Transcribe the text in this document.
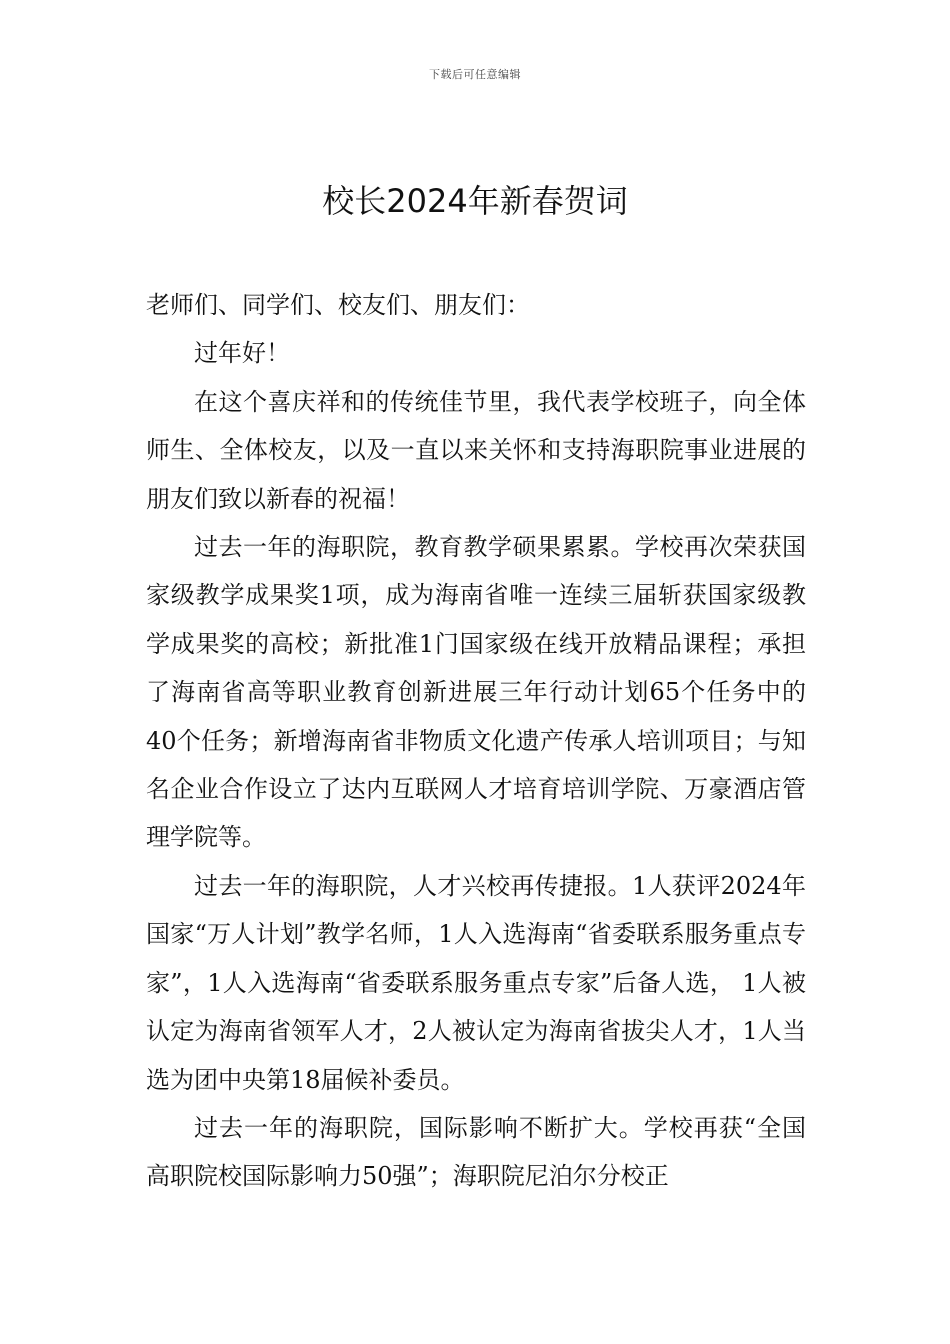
下载后可任意编辑
校长2024年新春贺词

老师们、同学们、校友们、朋友们：

过年好！

在这个喜庆祥和的传统佳节里，我代表学校班子，向全体师生、全体校友，以及一直以来关怀和支持海职院事业进展的朋友们致以新春的祝福！

过去一年的海职院，教育教学硕果累累。学校再次荣获国家级教学成果奖1项，成为海南省唯一连续三届斩获国家级教学成果奖的高校；新批准1门国家级在线开放精品课程；承担了海南省高等职业教育创新进展三年行动计划65个任务中的40个任务；新增海南省非物质文化遗产传承人培训项目；与知名企业合作设立了达内互联网人才培育培训学院、万豪酒店管理学院等。

过去一年的海职院，人才兴校再传捷报。1人获评2024年国家“万人计划”教学名师，1人入选海南“省委联系服务重点专家”，1人入选海南“省委联系服务重点专家”后备人选， 1人被认定为海南省领军人才，2人被认定为海南省拔尖人才，1人当选为团中央第18届候补委员。

过去一年的海职院，国际影响不断扩大。学校再获“全国高职院校国际影响力50强”；海职院尼泊尔分校正
